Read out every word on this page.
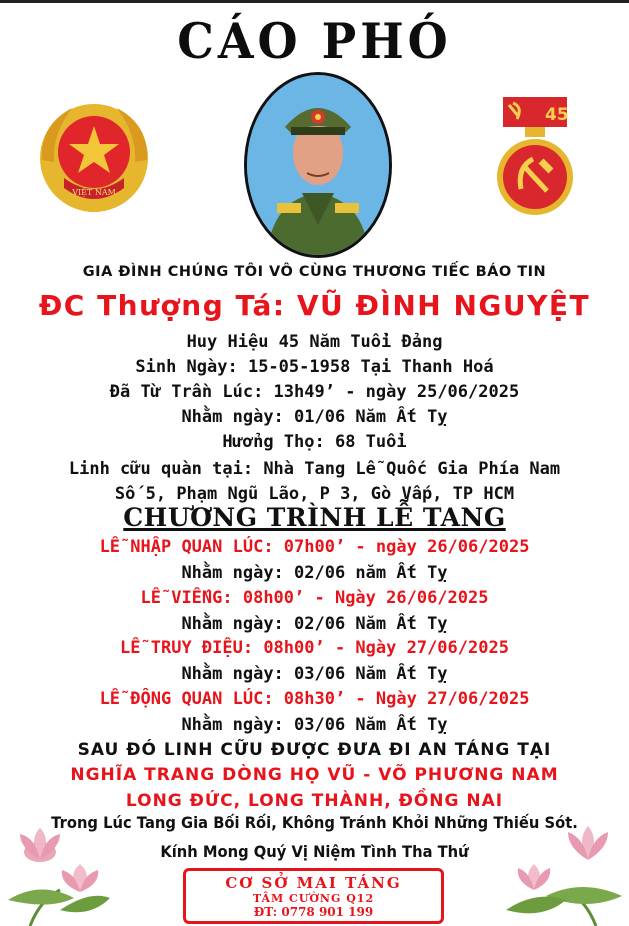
CÁO PHÓ
VIỆT NAM
45
GIA ĐÌNH CHÚNG TÔI VÔ CÙNG THƯƠNG TIẾC BÁO TIN
ĐC Thượng Tá: VŨ ĐÌNH NGUYỆT
Huy Hiệu 45 Năm Tuổi Đảng
Sinh Ngày: 15-05-1958 Tại Thanh Hoá
Đã Từ Trần Lúc: 13h49’ - ngày 25/06/2025
Nhằm ngày: 01/06 Năm Ất Tỵ
Hưởng Thọ: 68 Tuổi
Linh cữu quàn tại: Nhà Tang Lễ Quốc Gia Phía Nam
Số 5, Phạm Ngũ Lão, P 3, Gò Vấp, TP HCM
CHƯƠNG TRÌNH LỄ TANG
LỄ NHẬP QUAN LÚC: 07h00’ - ngày 26/06/2025
Nhằm ngày: 02/06 năm Ất Tỵ
LỄ VIẾNG: 08h00’ - Ngày 26/06/2025
Nhằm ngày: 02/06 Năm Ất Tỵ
LỄ TRUY ĐIỆU: 08h00’ - Ngày 27/06/2025
Nhằm ngày: 03/06 Năm Ất Tỵ
LỄ ĐỘNG QUAN LÚC: 08h30’ - Ngày 27/06/2025
Nhằm ngày: 03/06 Năm Ất Tỵ
SAU ĐÓ LINH CỮU ĐƯỢC ĐƯA ĐI AN TÁNG TẠI
NGHĨA TRANG DÒNG HỌ VŨ - VÕ PHƯƠNG NAM
LONG ĐỨC, LONG THÀNH, ĐỒNG NAI
Trong Lúc Tang Gia Bối Rối, Không Tránh Khỏi Những Thiếu Sót.
Kính Mong Quý Vị Niệm Tình Tha Thứ
CƠ SỞ MAI TÁNG
TÂM CƯỜNG Q12
ĐT: 0778 901 199
